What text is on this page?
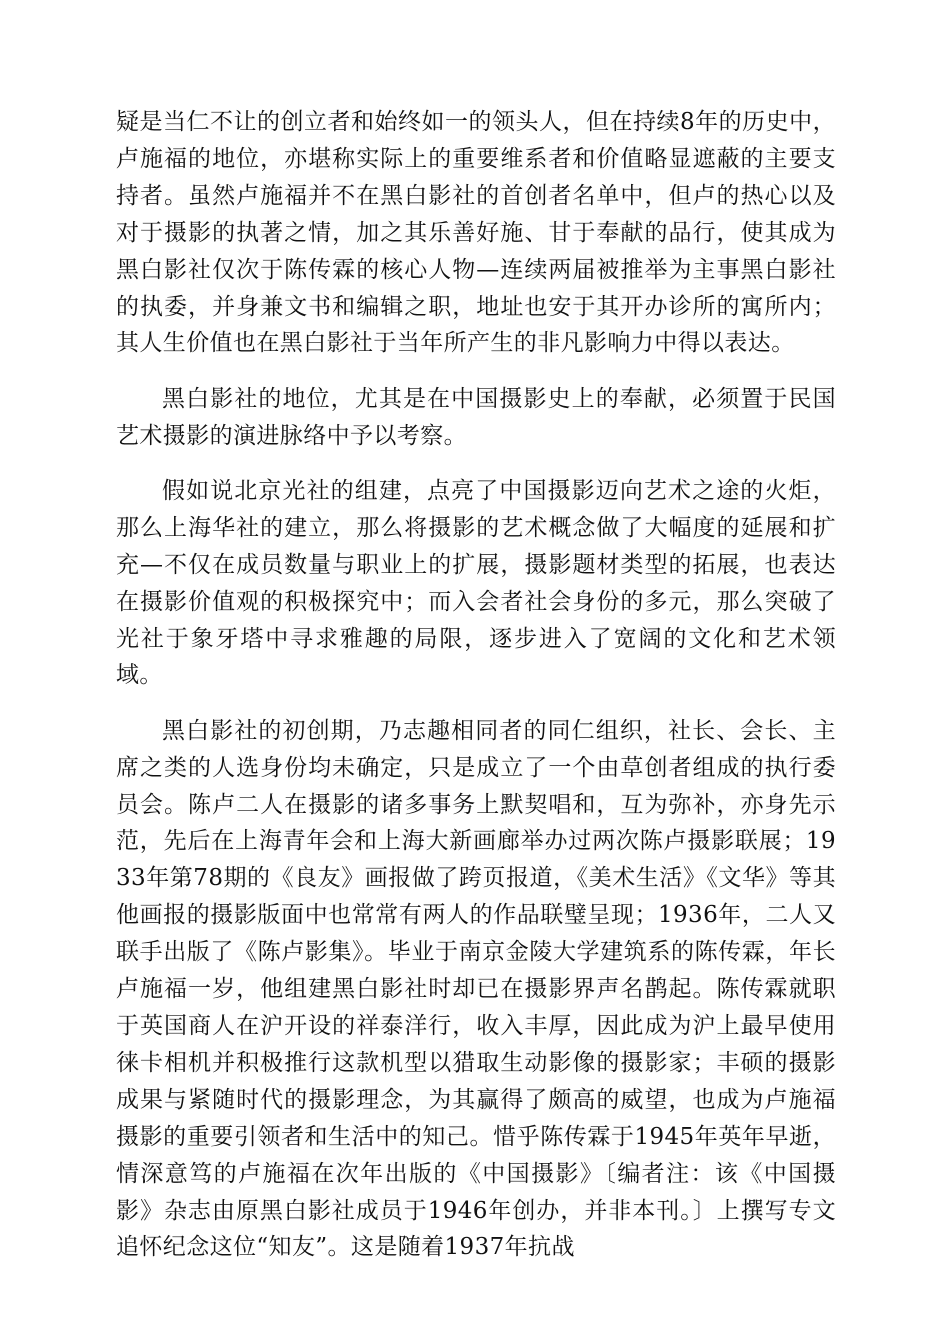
疑是当仁不让的创立者和始终如一的领头人，但在持续8年的历史中，卢施福的地位，亦堪称实际上的重要维系者和价值略显遮蔽的主要支持者。虽然卢施福并不在黑白影社的首创者名单中，但卢的热心以及对于摄影的执著之情，加之其乐善好施、甘于奉献的品行，使其成为黑白影社仅次于陈传霖的核心人物—连续两届被推举为主事黑白影社的执委，并身兼文书和编辑之职，地址也安于其开办诊所的寓所内；其人生价值也在黑白影社于当年所产生的非凡影响力中得以表达。

黑白影社的地位，尤其是在中国摄影史上的奉献，必须置于民国艺术摄影的演进脉络中予以考察。

假如说北京光社的组建，点亮了中国摄影迈向艺术之途的火炬，那么上海华社的建立，那么将摄影的艺术概念做了大幅度的延展和扩充—不仅在成员数量与职业上的扩展，摄影题材类型的拓展，也表达在摄影价值观的积极探究中；而入会者社会身份的多元，那么突破了光社于象牙塔中寻求雅趣的局限，逐步进入了宽阔的文化和艺术领域。

黑白影社的初创期，乃志趣相同者的同仁组织，社长、会长、主席之类的人选身份均未确定，只是成立了一个由草创者组成的执行委员会。陈卢二人在摄影的诸多事务上默契唱和，互为弥补，亦身先示范，先后在上海青年会和上海大新画廊举办过两次陈卢摄影联展；1933年第78期的《良友》画报做了跨页报道，《美术生活》《文华》等其他画报的摄影版面中也常常有两人的作品联璧呈现；1936年，二人又联手出版了《陈卢影集》。毕业于南京金陵大学建筑系的陈传霖，年长卢施福一岁，他组建黑白影社时却已在摄影界声名鹊起。陈传霖就职于英国商人在沪开设的祥泰洋行，收入丰厚，因此成为沪上最早使用徕卡相机并积极推行这款机型以猎取生动影像的摄影家；丰硕的摄影成果与紧随时代的摄影理念，为其赢得了颇高的威望，也成为卢施福摄影的重要引领者和生活中的知己。惜乎陈传霖于1945年英年早逝，情深意笃的卢施福在次年出版的《中国摄影》〔编者注：该《中国摄影》杂志由原黑白影社成员于1946年创办，并非本刊。〕上撰写专文追怀纪念这位“知友”。这是随着1937年抗战
